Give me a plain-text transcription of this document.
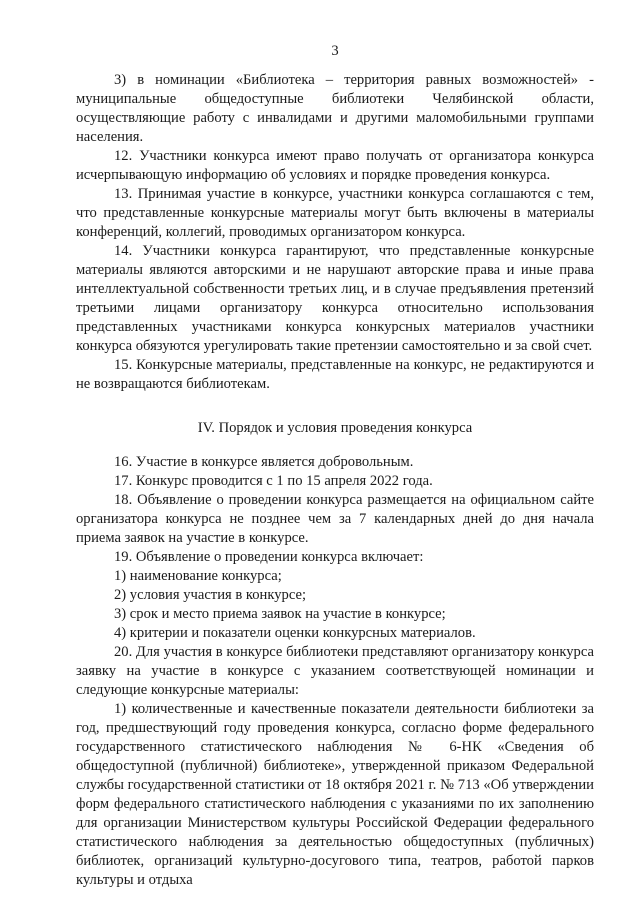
3

3) в номинации «Библиотека – территория равных возможностей» - муниципальные общедоступные библиотеки Челябинской области, осуществляющие работу с инвалидами и другими маломобильными группами населения.

12. Участники конкурса имеют право получать от организатора конкурса исчерпывающую информацию об условиях и порядке проведения конкурса.

13. Принимая участие в конкурсе, участники конкурса соглашаются с тем, что представленные конкурсные материалы могут быть включены в материалы конференций, коллегий, проводимых организатором конкурса.

14. Участники конкурса гарантируют, что представленные конкурсные материалы являются авторскими и не нарушают авторские права и иные права интеллектуальной собственности третьих лиц, и в случае предъявления претензий третьими лицами организатору конкурса относительно использования представленных участниками конкурса конкурсных материалов участники конкурса обязуются урегулировать такие претензии самостоятельно и за свой счет.

15. Конкурсные материалы, представленные на конкурс, не редактируются и не возвращаются библиотекам.

IV. Порядок и условия проведения конкурса

16. Участие в конкурсе является добровольным.

17. Конкурс проводится с 1 по 15 апреля 2022 года.

18. Объявление о проведении конкурса размещается на официальном сайте организатора конкурса не позднее чем за 7 календарных дней до дня начала приема заявок на участие в конкурсе.

19. Объявление о проведении конкурса включает:

1) наименование конкурса;

2) условия участия в конкурсе;

3) срок и место приема заявок на участие в конкурсе;

4) критерии и показатели оценки конкурсных материалов.

20. Для участия в конкурсе библиотеки представляют организатору конкурса заявку на участие в конкурсе с указанием соответствующей номинации и следующие конкурсные материалы:

1) количественные и качественные показатели деятельности библиотеки за год, предшествующий году проведения конкурса, согласно форме федерального государственного статистического наблюдения № 6-НК «Сведения об общедоступной (публичной) библиотеке», утвержденной приказом Федеральной службы государственной статистики от 18 октября 2021 г. № 713 «Об утверждении форм федерального статистического наблюдения с указаниями по их заполнению для организации Министерством культуры Российской Федерации федерального статистического наблюдения за деятельностью общедоступных (публичных) библиотек, организаций культурно-досугового типа, театров, работой парков культуры и отдыха
